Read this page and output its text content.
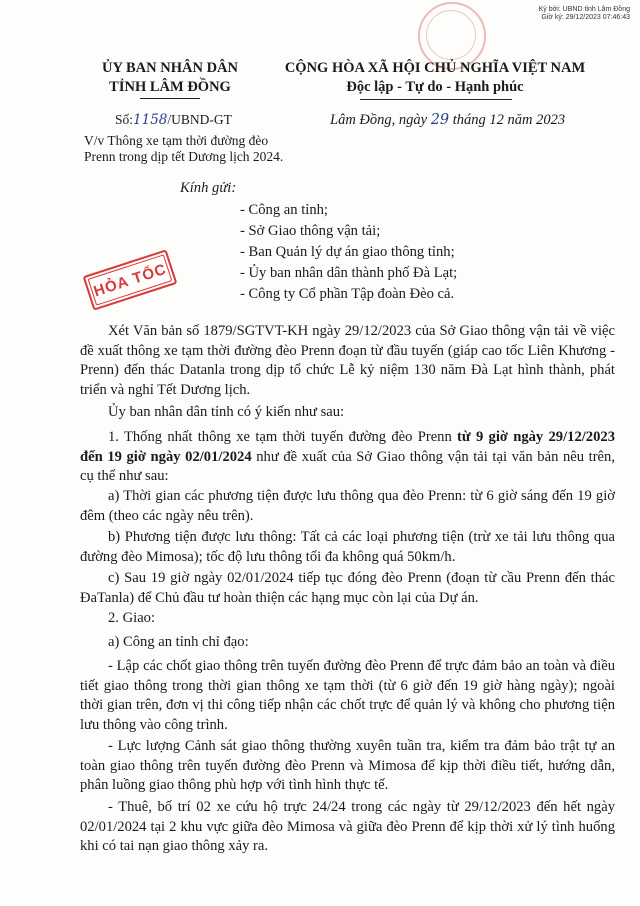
Ký bởi: UBND tỉnh Lâm Đồng
Giờ ký: 29/12/2023 07:46:43
ỦY BAN NHÂN DÂN
TỈNH LÂM ĐỒNG
CỘNG HÒA XÃ HỘI CHỦ NGHĨA VIỆT NAM
Độc lập - Tự do - Hạnh phúc
Số:1158/UBND-GT	Lâm Đồng, ngày 29 tháng 12 năm 2023
V/v Thông xe tạm thời đường đèo
Prenn trong dịp tết Dương lịch 2024.
Kính gửi:
- Công an tỉnh;
- Sở Giao thông vận tải;
- Ban Quản lý dự án giao thông tỉnh;
- Ủy ban nhân dân thành phố Đà Lạt;
- Công ty Cổ phần Tập đoàn Đèo cả.
HỎA TỐC
Xét Văn bản số 1879/SGTVT-KH ngày 29/12/2023 của Sở Giao thông vận tải về việc đề xuất thông xe tạm thời đường đèo Prenn đoạn từ đầu tuyến (giáp cao tốc Liên Khương - Prenn) đến thác Datanla trong dịp tổ chức Lễ kỷ niệm 130 năm Đà Lạt hình thành, phát triển và nghỉ Tết Dương lịch.
Ủy ban nhân dân tỉnh có ý kiến như sau:
1. Thống nhất thông xe tạm thời tuyến đường đèo Prenn từ 9 giờ ngày 29/12/2023 đến 19 giờ ngày 02/01/2024 như đề xuất của Sở Giao thông vận tải tại văn bản nêu trên, cụ thể như sau:
a) Thời gian các phương tiện được lưu thông qua đèo Prenn: từ 6 giờ sáng đến 19 giờ đêm (theo các ngày nêu trên).
b) Phương tiện được lưu thông: Tất cả các loại phương tiện (trừ xe tải lưu thông qua đường đèo Mimosa); tốc độ lưu thông tối đa không quá 50km/h.
c) Sau 19 giờ ngày 02/01/2024 tiếp tục đóng đèo Prenn (đoạn từ cầu Prenn đến thác ĐaTanla) để Chủ đầu tư hoàn thiện các hạng mục còn lại của Dự án.
2. Giao:
a) Công an tỉnh chỉ đạo:
- Lập các chốt giao thông trên tuyến đường đèo Prenn để trực đảm bảo an toàn và điều tiết giao thông trong thời gian thông xe tạm thời (từ 6 giờ đến 19 giờ hàng ngày); ngoài thời gian trên, đơn vị thi công tiếp nhận các chốt trực để quản lý và không cho phương tiện lưu thông vào công trình.
- Lực lượng Cảnh sát giao thông thường xuyên tuần tra, kiểm tra đảm bảo trật tự an toàn giao thông trên tuyến đường đèo Prenn và Mimosa để kịp thời điều tiết, hướng dẫn, phân luồng giao thông phù hợp với tình hình thực tế.
- Thuê, bố trí 02 xe cứu hộ trực 24/24 trong các ngày từ 29/12/2023 đến hết ngày 02/01/2024 tại 2 khu vực giữa đèo Mimosa và giữa đèo Prenn để kịp thời xử lý tình huống khi có tai nạn giao thông xảy ra.
